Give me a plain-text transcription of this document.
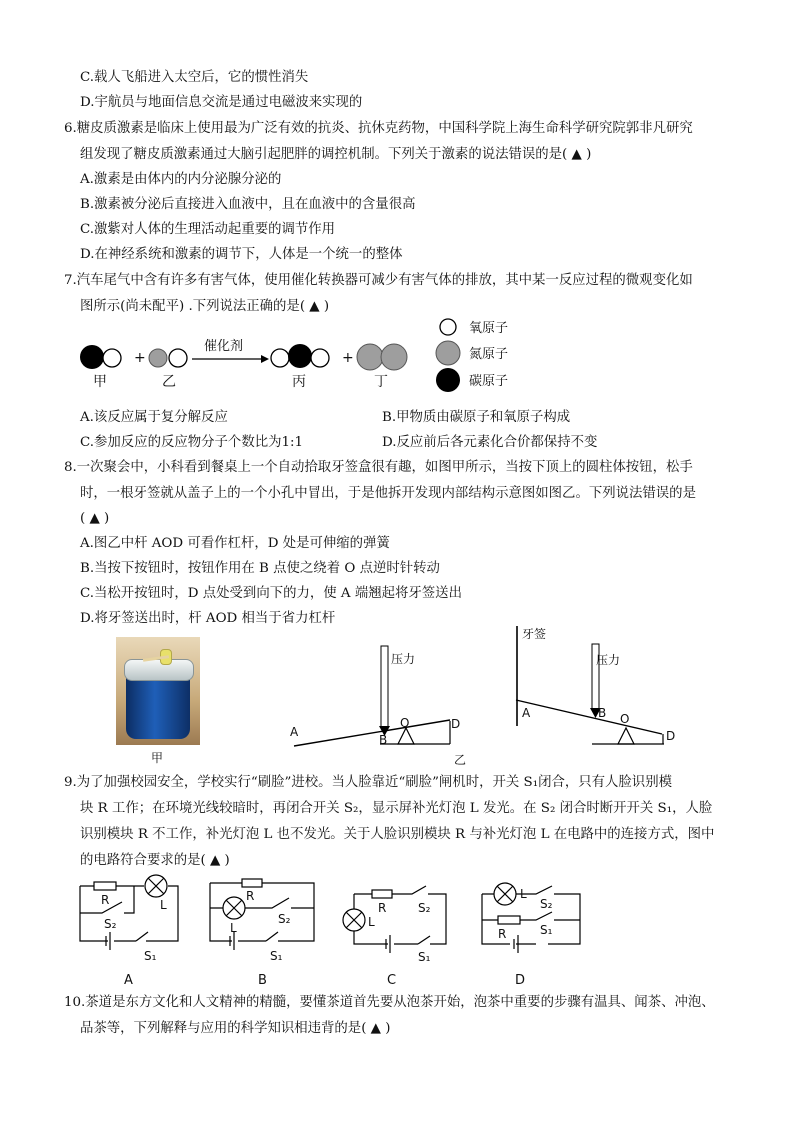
C.载人飞船进入太空后，它的惯性消失
D.宇航员与地面信息交流是通过电磁波来实现的
6.糖皮质激素是临床上使用最为广泛有效的抗炎、抗休克药物，中国科学院上海生命科学研究院郭非凡研究
组发现了糖皮质激素通过大脑引起肥胖的调控机制。下列关于激素的说法错误的是( ▲ )
A.激素是由体内的内分泌腺分泌的
B.激素被分泌后直接进入血液中，且在血液中的含量很高
C.激紫对人体的生理活动起重要的调节作用
D.在神经系统和激素的调节下，人体是一个统一的整体
7.汽车尾气中含有许多有害气体，使用催化转换器可减少有害气体的排放，其中某一反应过程的微观变化如
图所示(尚未配平) .下列说法正确的是( ▲ )
+
催化剂
+
甲	乙	丙	丁
氧原子
氮原子
碳原子
A.该反应属于复分解反应	B.甲物质由碳原子和氧原子构成
C.参加反应的反应物分子个数比为1:1	D.反应前后各元素化合价都保持不变
8.一次聚会中，小科看到餐桌上一个自动拾取牙签盒很有趣，如图甲所示，当按下顶上的圆柱体按钮，松手
时，一根牙签就从盖子上的一个小孔中冒出，于是他拆开发现内部结构示意图如图乙。下列说法错误的是
( ▲ )
A.图乙中杆 AOD 可看作杠杆，D 处是可伸缩的弹簧
B.当按下按钮时，按钮作用在 B 点使之绕着 O 点逆时针转动
C.当松开按钮时，D 点处受到向下的力，使 A 端翘起将牙签送出
D.将牙签送出时，杆 AOD 相当于省力杠杆
甲
压力
A
B
O	D
乙
牙签
压力
A	B O
D
9.为了加强校园安全，学校实行“刷脸”进校。当人脸靠近“刷脸”闸机时，开关 S₁闭合，只有人脸识别模
块 R 工作；在环境光线较暗时，再闭合开关 S₂，显示屏补光灯泡 L 发光。在 S₂ 闭合时断开开关 S₁，人脸
识别模块 R 不工作，补光灯泡 L 也不发光。关于人脸识别模块 R 与补光灯泡 L 在电路中的连接方式，图中
的电路符合要求的是( ▲ )
R	L
S₂
S₁
A
R
L
S₂
S₁
B
R
L
S₂
S₁
C
L
R
S₂
S₁
D
10.茶道是东方文化和人文精神的精髓，要懂茶道首先要从泡茶开始，泡茶中重要的步骤有温具、闻茶、冲泡、
品茶等，下列解释与应用的科学知识相违背的是( ▲ )
